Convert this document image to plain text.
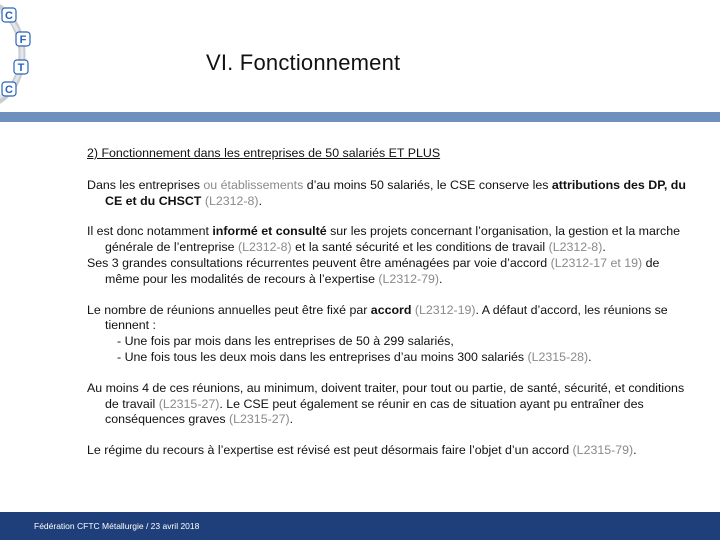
C
F
T
C
VI. Fonctionnement

2) Fonctionnement dans les entreprises de 50 salariés ET PLUS

Dans les entreprises ou établissements d’au moins 50 salariés, le CSE conserve les attributions des DP, du CE et du CHSCT (L2312-8).

Il est donc notamment informé et consulté sur les projets concernant l’organisation, la gestion et la marche générale de l’entreprise (L2312-8) et la santé sécurité et les conditions de travail (L2312-8).

Ses 3 grandes consultations récurrentes peuvent être aménagées par voie d’accord (L2312-17 et 19) de même pour les modalités de recours à l’expertise (L2312-79).

Le nombre de réunions annuelles peut être fixé par accord (L2312-19). A défaut d’accord, les réunions se tiennent :

- Une fois par mois dans les entreprises de 50 à 299 salariés,

- Une fois tous les deux mois dans les entreprises d’au moins 300 salariés (L2315-28).

Au moins 4 de ces réunions, au minimum, doivent traiter, pour tout ou partie, de santé, sécurité, et conditions de travail (L2315-27). Le CSE peut également se réunir en cas de situation ayant pu entraîner des conséquences graves (L2315-27).

Le régime du recours à l’expertise est révisé est peut désormais faire l’objet d’un accord (L2315-79).

Fédération CFTC Métallurgie / 23 avril 2018
